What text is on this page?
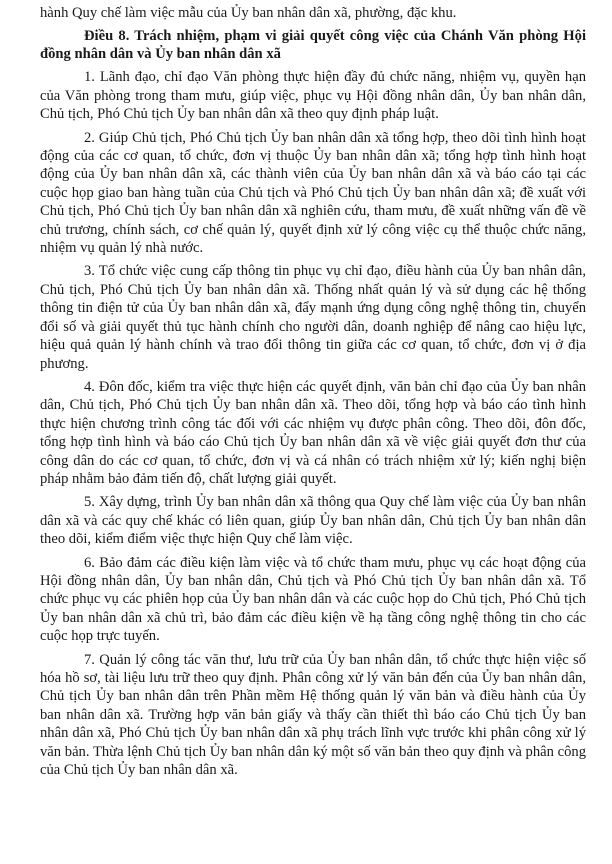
hành Quy chế làm việc mẫu của Ủy ban nhân dân xã, phường, đặc khu.

Điều 8. Trách nhiệm, phạm vi giải quyết công việc của Chánh Văn phòng Hội đồng nhân dân và Ủy ban nhân dân xã

1. Lãnh đạo, chỉ đạo Văn phòng thực hiện đầy đủ chức năng, nhiệm vụ, quyền hạn của Văn phòng trong tham mưu, giúp việc, phục vụ Hội đồng nhân dân, Ủy ban nhân dân, Chủ tịch, Phó Chủ tịch Ủy ban nhân dân xã theo quy định pháp luật.

2. Giúp Chủ tịch, Phó Chủ tịch Ủy ban nhân dân xã tổng hợp, theo dõi tình hình hoạt động của các cơ quan, tổ chức, đơn vị thuộc Ủy ban nhân dân xã; tổng hợp tình hình hoạt động của Ủy ban nhân dân xã, các thành viên của Ủy ban nhân dân xã và báo cáo tại các cuộc họp giao ban hàng tuần của Chủ tịch và Phó Chủ tịch Ủy ban nhân dân xã; đề xuất với Chủ tịch, Phó Chủ tịch Ủy ban nhân dân xã nghiên cứu, tham mưu, đề xuất những vấn đề về chủ trương, chính sách, cơ chế quản lý, quyết định xử lý công việc cụ thể thuộc chức năng, nhiệm vụ quản lý nhà nước.

3. Tổ chức việc cung cấp thông tin phục vụ chỉ đạo, điều hành của Ủy ban nhân dân, Chủ tịch, Phó Chủ tịch Ủy ban nhân dân xã. Thống nhất quản lý và sử dụng các hệ thống thông tin điện tử của Ủy ban nhân dân xã, đẩy mạnh ứng dụng công nghệ thông tin, chuyển đổi số và giải quyết thủ tục hành chính cho người dân, doanh nghiệp để nâng cao hiệu lực, hiệu quả quản lý hành chính và trao đổi thông tin giữa các cơ quan, tổ chức, đơn vị ở địa phương.

4. Đôn đốc, kiểm tra việc thực hiện các quyết định, văn bản chỉ đạo của Ủy ban nhân dân, Chủ tịch, Phó Chủ tịch Ủy ban nhân dân xã. Theo dõi, tổng hợp và báo cáo tình hình thực hiện chương trình công tác đối với các nhiệm vụ được phân công. Theo dõi, đôn đốc, tổng hợp tình hình và báo cáo Chủ tịch Ủy ban nhân dân xã về việc giải quyết đơn thư của công dân do các cơ quan, tổ chức, đơn vị và cá nhân có trách nhiệm xử lý; kiến nghị biện pháp nhằm bảo đảm tiến độ, chất lượng giải quyết.

5. Xây dựng, trình Ủy ban nhân dân xã thông qua Quy chế làm việc của Ủy ban nhân dân xã và các quy chế khác có liên quan, giúp Ủy ban nhân dân, Chủ tịch Ủy ban nhân dân theo dõi, kiểm điểm việc thực hiện Quy chế làm việc.

6. Bảo đảm các điều kiện làm việc và tổ chức tham mưu, phục vụ các hoạt động của Hội đồng nhân dân, Ủy ban nhân dân, Chủ tịch và Phó Chủ tịch Ủy ban nhân dân xã. Tổ chức phục vụ các phiên họp của Ủy ban nhân dân và các cuộc họp do Chủ tịch, Phó Chủ tịch Ủy ban nhân dân xã chủ trì, bảo đảm các điều kiện về hạ tầng công nghệ thông tin cho các cuộc họp trực tuyến.

7. Quản lý công tác văn thư, lưu trữ của Ủy ban nhân dân, tổ chức thực hiện việc số hóa hồ sơ, tài liệu lưu trữ theo quy định. Phân công xử lý văn bản đến của Ủy ban nhân dân, Chủ tịch Ủy ban nhân dân trên Phần mềm Hệ thống quản lý văn bản và điều hành của Ủy ban nhân dân xã. Trường hợp văn bản giấy và thấy cần thiết thì báo cáo Chủ tịch Ủy ban nhân dân xã, Phó Chủ tịch Ủy ban nhân dân xã phụ trách lĩnh vực trước khi phân công xử lý văn bản. Thừa lệnh Chủ tịch Ủy ban nhân dân ký một số văn bản theo quy định và phân công của Chủ tịch Ủy ban nhân dân xã.
